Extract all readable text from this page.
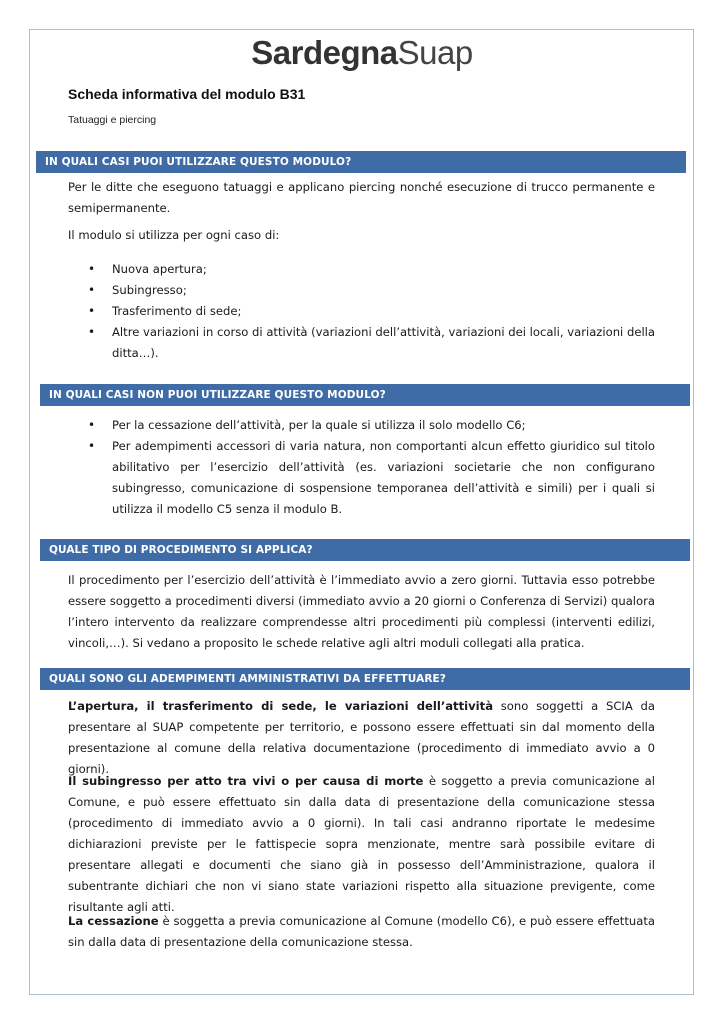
SardegnaSuap
Scheda informativa del modulo B31
Tatuaggi e piercing
IN QUALI CASI PUOI UTILIZZARE QUESTO MODULO?
Per le ditte che eseguono tatuaggi e applicano piercing nonché esecuzione di trucco permanente e semipermanente.
Il modulo si utilizza per ogni caso di:
• Nuova apertura;
• Subingresso;
• Trasferimento di sede;
• Altre variazioni in corso di attività (variazioni dell’attività, variazioni dei locali, variazioni della ditta…).
IN QUALI CASI NON PUOI UTILIZZARE QUESTO MODULO?
• Per la cessazione dell’attività, per la quale si utilizza il solo modello C6;
• Per adempimenti accessori di varia natura, non comportanti alcun effetto giuridico sul titolo abilitativo per l’esercizio dell’attività (es. variazioni societarie che non configurano subingresso, comunicazione di sospensione temporanea dell’attività e simili) per i quali si utilizza il modello C5 senza il modulo B.
QUALE TIPO DI PROCEDIMENTO SI APPLICA?
Il procedimento per l’esercizio dell’attività è l’immediato avvio a zero giorni. Tuttavia esso potrebbe essere soggetto a procedimenti diversi (immediato avvio a 20 giorni o Conferenza di Servizi) qualora l’intero intervento da realizzare comprendesse altri procedimenti più complessi (interventi edilizi, vincoli,…). Si vedano a proposito le schede relative agli altri moduli collegati alla pratica.
QUALI SONO GLI ADEMPIMENTI AMMINISTRATIVI DA EFFETTUARE?
L’apertura, il trasferimento di sede, le variazioni dell’attività sono soggetti a SCIA da presentare al SUAP competente per territorio, e possono essere effettuati sin dal momento della presentazione al comune della relativa documentazione (procedimento di immediato avvio a 0 giorni).
Il subingresso per atto tra vivi o per causa di morte è soggetto a previa comunicazione al Comune, e può essere effettuato sin dalla data di presentazione della comunicazione stessa (procedimento di immediato avvio a 0 giorni). In tali casi andranno riportate le medesime dichiarazioni previste per le fattispecie sopra menzionate, mentre sarà possibile evitare di presentare allegati e documenti che siano già in possesso dell’Amministrazione, qualora il subentrante dichiari che non vi siano state variazioni rispetto alla situazione previgente, come risultante agli atti.
La cessazione è soggetta a previa comunicazione al Comune (modello C6), e può essere effettuata sin dalla data di presentazione della comunicazione stessa.
